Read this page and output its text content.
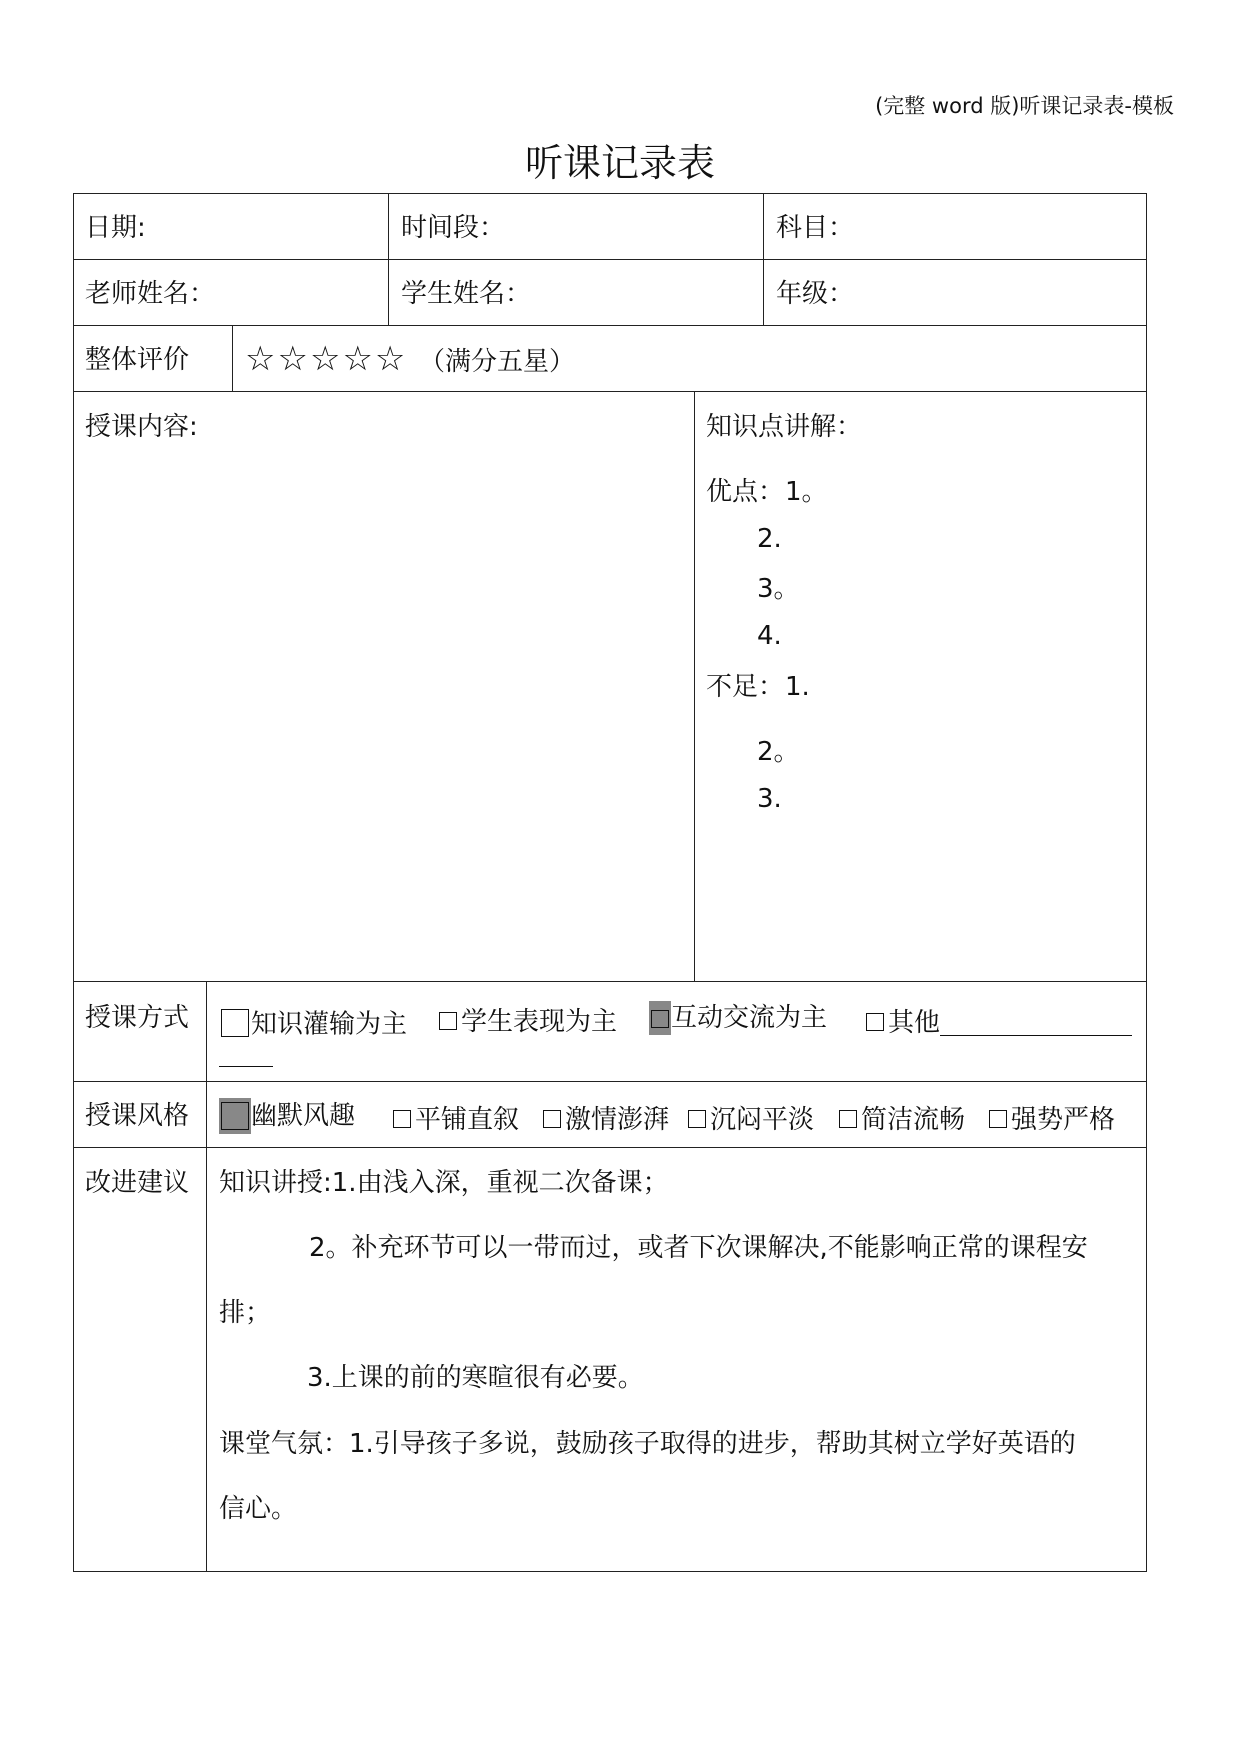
(完整 word 版)听课记录表-模板
听课记录表
日期:	时间段：	科目：
老师姓名：	学生姓名：	年级：
整体评价 ☆☆☆☆☆ （满分五星）
授课内容:	知识点讲解：
优点： 1。
2.
3。
4.
不足： 1.
2。
3.
授课方式	知识灌输为主	学生表现为主	互动交流为主	其他
授课风格	幽默风趣	平铺直叙	激情澎湃	沉闷平淡	简洁流畅	强势严格
改进建议 知识讲授:1.由浅入深，重视二次备课；
2。补充环节可以一带而过，或者下次课解决,不能影响正常的课程安
排；
3.上课的前的寒暄很有必要。
课堂气氛：1.引导孩子多说，鼓励孩子取得的进步，帮助其树立学好英语的
信心。
